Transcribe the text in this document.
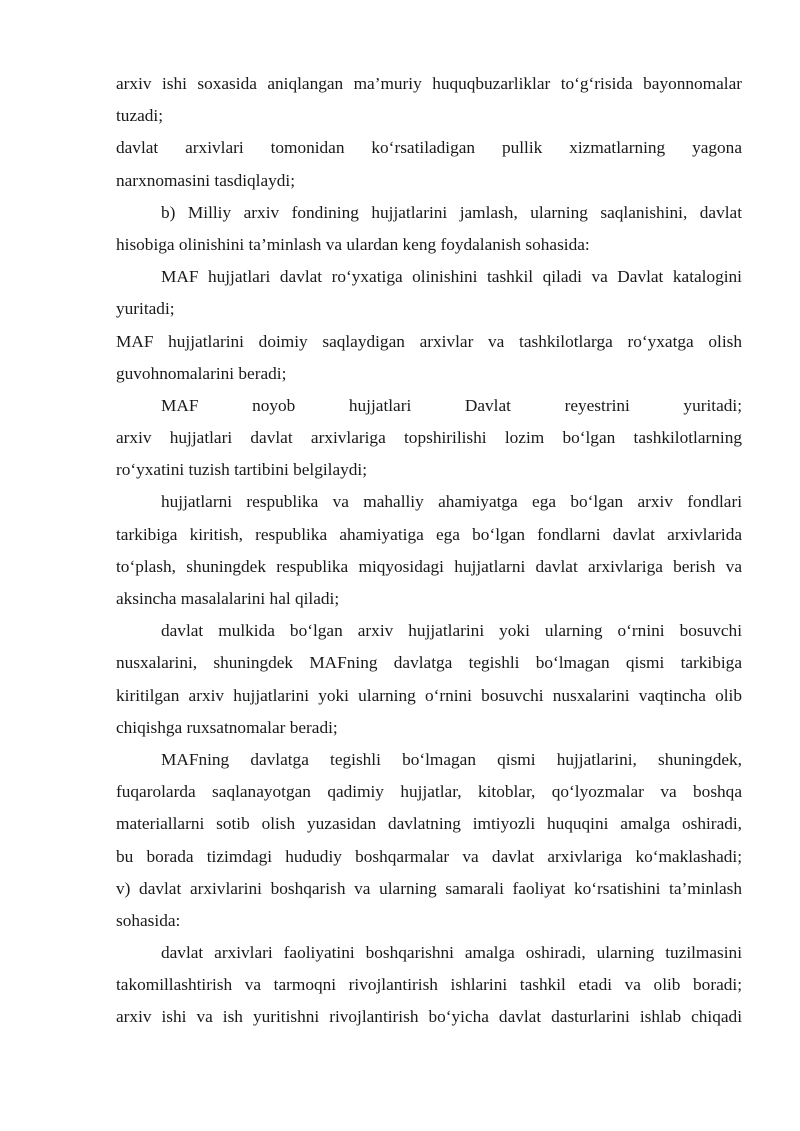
arxiv ishi soxasida aniqlangan ma’muriy huquqbuzarliklar to‘g‘risida bayonnomalar
tuzadi;
davlat arxivlari tomonidan ko‘rsatiladigan pullik xizmatlarning yagona
narxnomasini tasdiqlaydi;
b) Milliy arxiv fondining hujjatlarini jamlash, ularning saqlanishini, davlat
hisobiga olinishini ta’minlash va ulardan keng foydalanish sohasida:
MAF hujjatlari davlat ro‘yxatiga olinishini tashkil qiladi va Davlat katalogini
yuritadi;
MAF hujjatlarini doimiy saqlaydigan arxivlar va tashkilotlarga ro‘yxatga olish
guvohnomalarini beradi;
MAF noyob hujjatlari Davlat reyestrini yuritadi;
arxiv hujjatlari davlat arxivlariga topshirilishi lozim bo‘lgan tashkilotlarning
ro‘yxatini tuzish tartibini belgilaydi;
hujjatlarni respublika va mahalliy ahamiyatga ega bo‘lgan arxiv fondlari
tarkibiga kiritish, respublika ahamiyatiga ega bo‘lgan fondlarni davlat arxivlarida
to‘plash, shuningdek respublika miqyosidagi hujjatlarni davlat arxivlariga berish va
aksincha masalalarini hal qiladi;
davlat mulkida bo‘lgan arxiv hujjatlarini yoki ularning o‘rnini bosuvchi
nusxalarini, shuningdek MAFning davlatga tegishli bo‘lmagan qismi tarkibiga
kiritilgan arxiv hujjatlarini yoki ularning o‘rnini bosuvchi nusxalarini vaqtincha olib
chiqishga ruxsatnomalar beradi;
MAFning davlatga tegishli bo‘lmagan qismi hujjatlarini, shuningdek,
fuqarolarda saqlanayotgan qadimiy hujjatlar, kitoblar, qo‘lyozmalar va boshqa
materiallarni sotib olish yuzasidan davlatning imtiyozli huquqini amalga oshiradi,
bu borada tizimdagi hududiy boshqarmalar va davlat arxivlariga ko‘maklashadi;
v) davlat arxivlarini boshqarish va ularning samarali faoliyat ko‘rsatishini ta’minlash
sohasida:
davlat arxivlari faoliyatini boshqarishni amalga oshiradi, ularning tuzilmasini
takomillashtirish va tarmoqni rivojlantirish ishlarini tashkil etadi va olib boradi;
arxiv ishi va ish yuritishni rivojlantirish bo‘yicha davlat dasturlarini ishlab chiqadi
